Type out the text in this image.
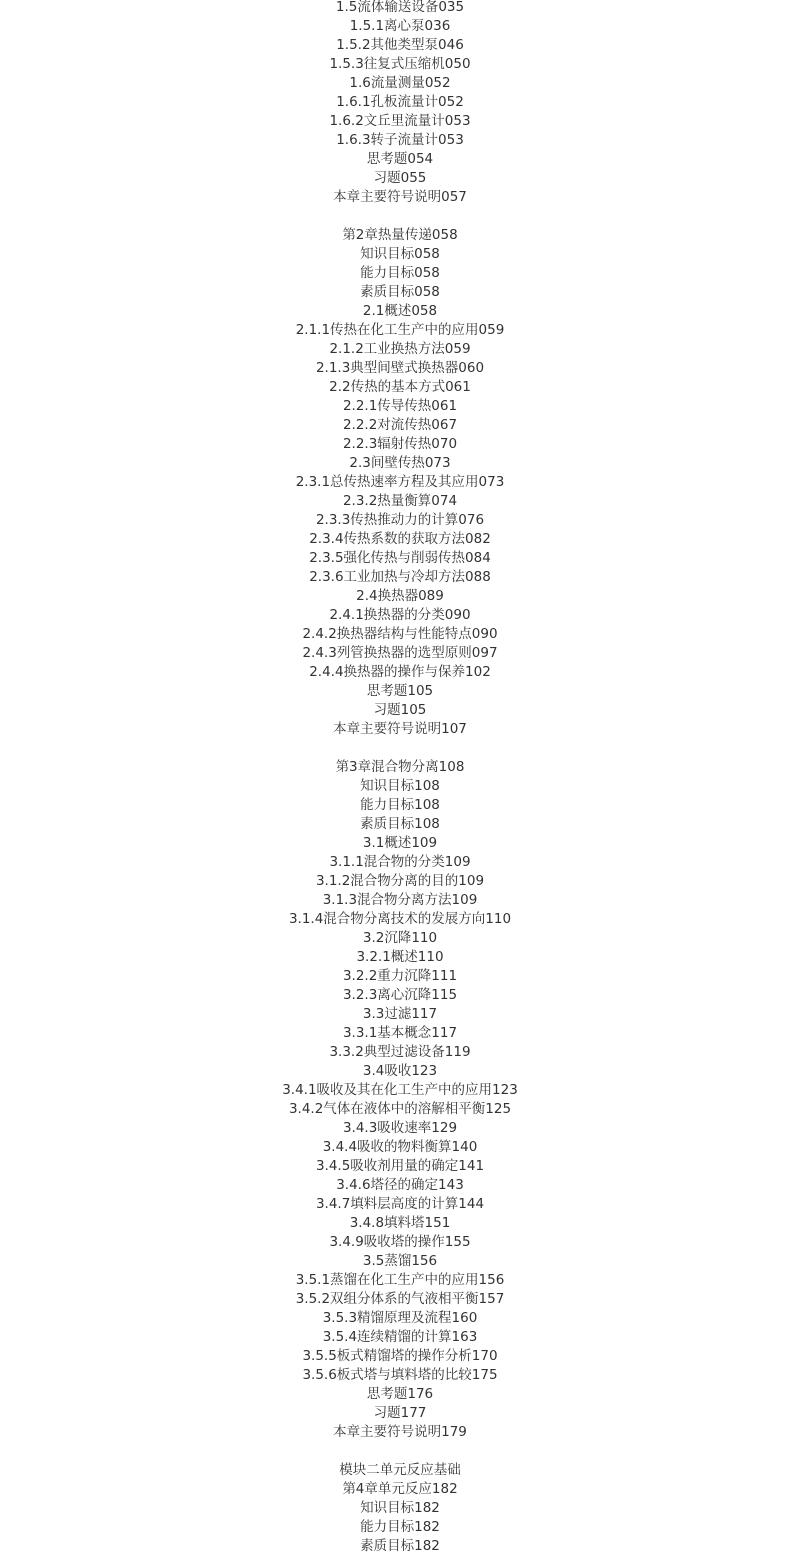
1.5流体输送设备035
1.5.1离心泵036
1.5.2其他类型泵046
1.5.3往复式压缩机050
1.6流量测量052
1.6.1孔板流量计052
1.6.2文丘里流量计053
1.6.3转子流量计053
思考题054
习题055
本章主要符号说明057
第2章热量传递058
知识目标058
能力目标058
素质目标058
2.1概述058
2.1.1传热在化工生产中的应用059
2.1.2工业换热方法059
2.1.3典型间壁式换热器060
2.2传热的基本方式061
2.2.1传导传热061
2.2.2对流传热067
2.2.3辐射传热070
2.3间壁传热073
2.3.1总传热速率方程及其应用073
2.3.2热量衡算074
2.3.3传热推动力的计算076
2.3.4传热系数的获取方法082
2.3.5强化传热与削弱传热084
2.3.6工业加热与冷却方法088
2.4换热器089
2.4.1换热器的分类090
2.4.2换热器结构与性能特点090
2.4.3列管换热器的选型原则097
2.4.4换热器的操作与保养102
思考题105
习题105
本章主要符号说明107
第3章混合物分离108
知识目标108
能力目标108
素质目标108
3.1概述109
3.1.1混合物的分类109
3.1.2混合物分离的目的109
3.1.3混合物分离方法109
3.1.4混合物分离技术的发展方向110
3.2沉降110
3.2.1概述110
3.2.2重力沉降111
3.2.3离心沉降115
3.3过滤117
3.3.1基本概念117
3.3.2典型过滤设备119
3.4吸收123
3.4.1吸收及其在化工生产中的应用123
3.4.2气体在液体中的溶解相平衡125
3.4.3吸收速率129
3.4.4吸收的物料衡算140
3.4.5吸收剂用量的确定141
3.4.6塔径的确定143
3.4.7填料层高度的计算144
3.4.8填料塔151
3.4.9吸收塔的操作155
3.5蒸馏156
3.5.1蒸馏在化工生产中的应用156
3.5.2双组分体系的气液相平衡157
3.5.3精馏原理及流程160
3.5.4连续精馏的计算163
3.5.5板式精馏塔的操作分析170
3.5.6板式塔与填料塔的比较175
思考题176
习题177
本章主要符号说明179
模块二单元反应基础
第4章单元反应182
知识目标182
能力目标182
素质目标182
